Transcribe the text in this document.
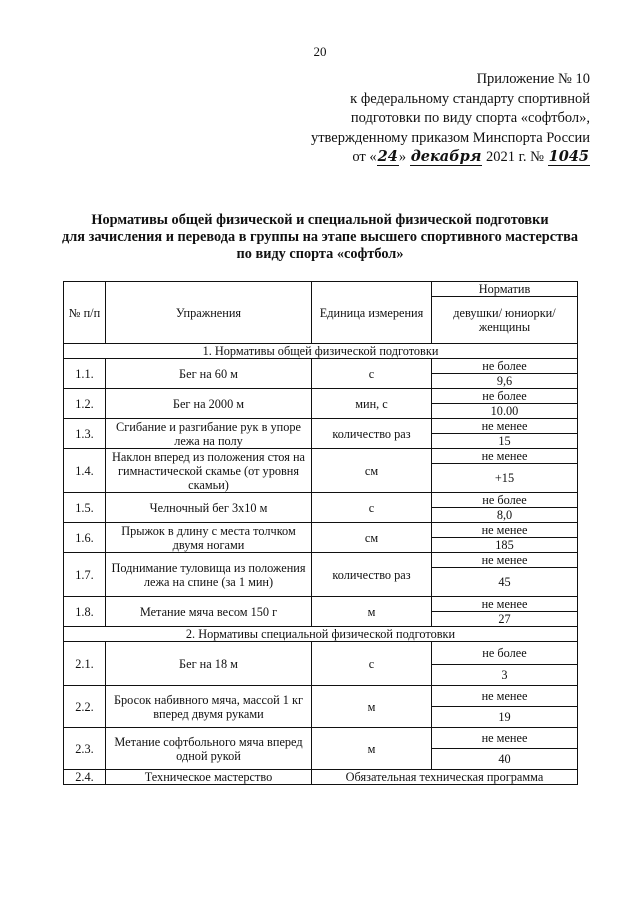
20
Приложение № 10
к федеральному стандарту спортивной
подготовки по виду спорта «софтбол»,
утвержденному приказом Минспорта России
от «24» декабря 2021 г. № 1045
Нормативы общей физической и специальной физической подготовки
для зачисления и перевода в группы на этапе высшего спортивного мастерства
по виду спорта «софтбол»
№ п/п	Упражнения	Единица измерения	Норматив
			девушки/ юниорки/ женщины
1. Нормативы общей физической подготовки			
1.1.	Бег на 60 м	с	не более
			9,6
1.2.	Бег на 2000 м	мин, с	не более
			10.00
1.3.	Сгибание и разгибание рук в упоре лежа на полу	количество раз	не менее
			15
1.4.	Наклон вперед из положения стоя на гимнастической скамье (от уровня скамьи)	см	не менее
			+15
1.5.	Челночный бег 3х10 м	с	не более
			8,0
1.6.	Прыжок в длину с места толчком двумя ногами	см	не менее
			185
1.7.	Поднимание туловища из положения лежа на спине (за 1 мин)	количество раз	не менее
			45
1.8.	Метание мяча весом 150 г	м	не менее
			27
2. Нормативы специальной физической подготовки			
2.1.	Бег на 18 м	с	не более
			3
2.2.	Бросок набивного мяча, массой 1 кг вперед двумя руками	м	не менее
			19
2.3.	Метание софтбольного мяча вперед одной рукой	м	не менее
			40
2.4.	Техническое мастерство	Обязательная техническая программа	
